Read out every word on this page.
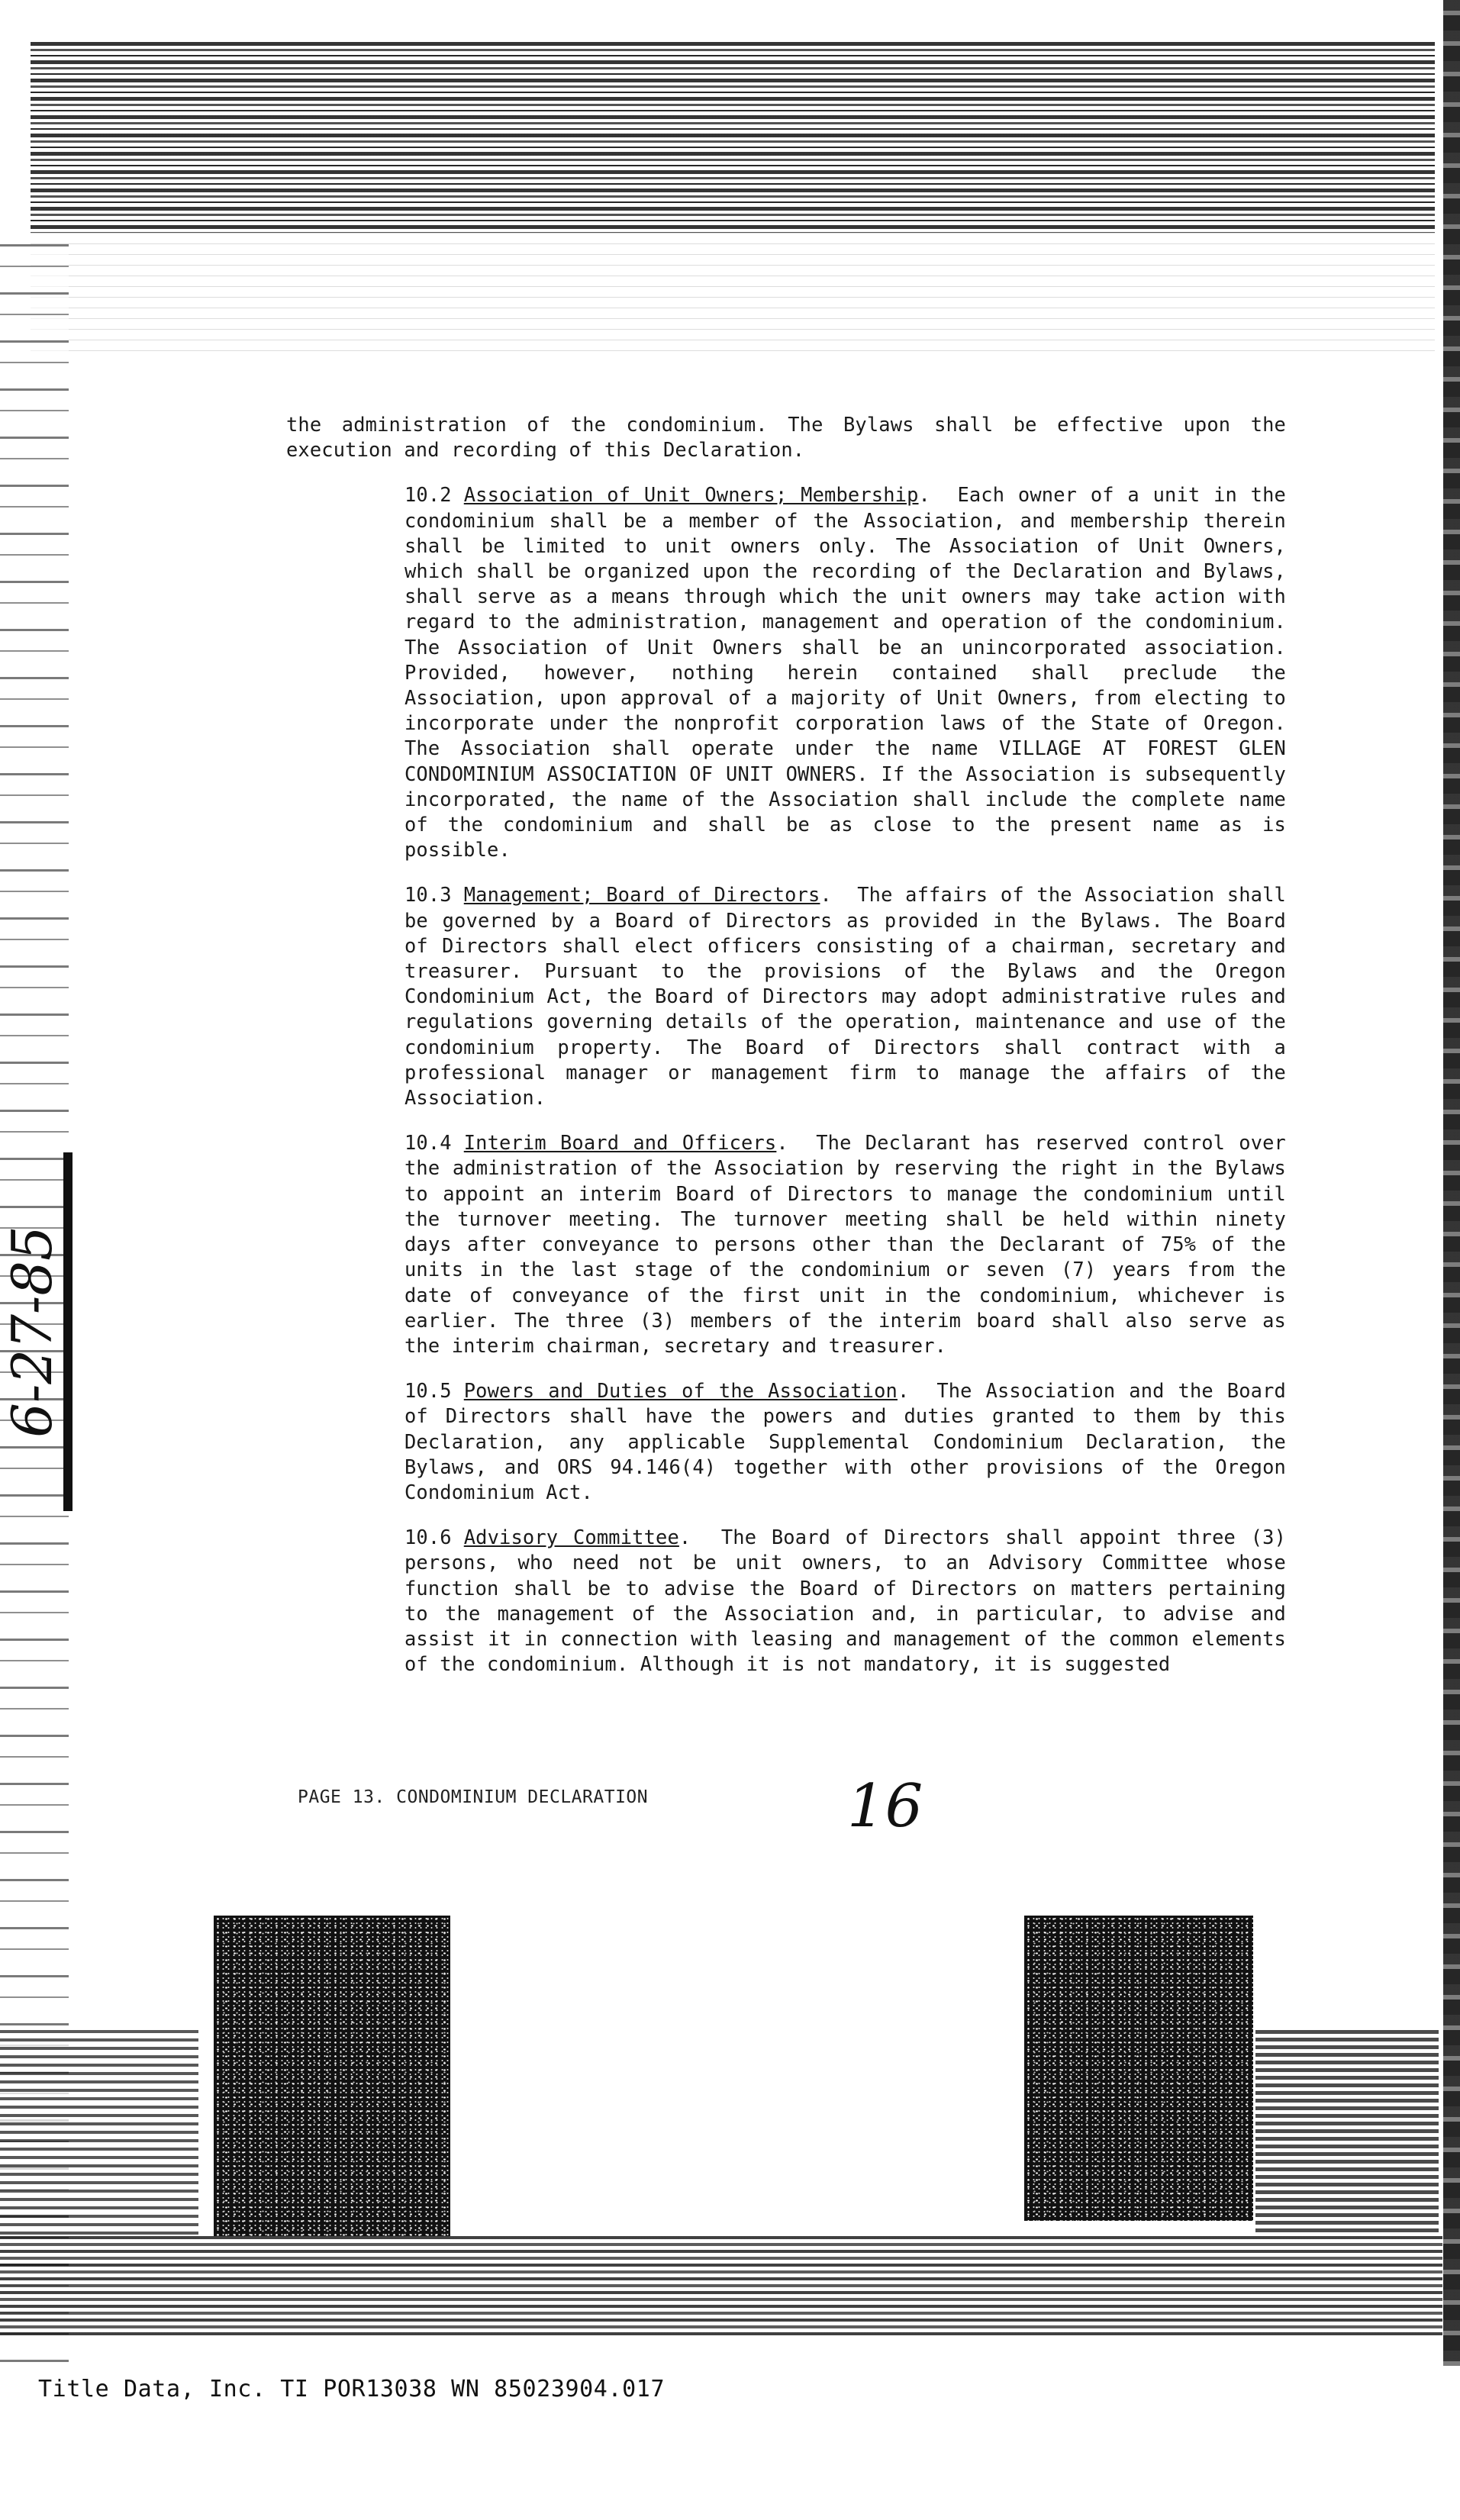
6-27-85

the administration of the condominium. The Bylaws shall be effective upon the execution and recording of this Declaration.

10.2 Association of Unit Owners; Membership.  Each owner of a unit in the condominium shall be a member of the Association, and membership therein shall be limited to unit owners only. The Association of Unit Owners, which shall be organized upon the recording of the Declaration and Bylaws, shall serve as a means through which the unit owners may take action with regard to the administration, management and operation of the condominium. The Association of Unit Owners shall be an unincorporated association. Provided, however, nothing herein contained shall preclude the Association, upon approval of a majority of Unit Owners, from electing to incorporate under the nonprofit corporation laws of the State of Oregon. The Association shall operate under the name VILLAGE AT FOREST GLEN CONDOMINIUM ASSOCIATION OF UNIT OWNERS. If the Association is subsequently incorporated, the name of the Association shall include the complete name of the condominium and shall be as close to the present name as is possible.

10.3 Management; Board of Directors.  The affairs of the Association shall be governed by a Board of Directors as provided in the Bylaws. The Board of Directors shall elect officers consisting of a chairman, secretary and treasurer. Pursuant to the provisions of the Bylaws and the Oregon Condominium Act, the Board of Directors may adopt administrative rules and regulations governing details of the operation, maintenance and use of the condominium property. The Board of Directors shall contract with a professional manager or management firm to manage the affairs of the Association.

10.4 Interim Board and Officers.  The Declarant has reserved control over the administration of the Association by reserving the right in the Bylaws to appoint an interim Board of Directors to manage the condominium until the turnover meeting. The turnover meeting shall be held within ninety days after conveyance to persons other than the Declarant of 75% of the units in the last stage of the condominium or seven (7) years from the date of conveyance of the first unit in the condominium, whichever is earlier. The three (3) members of the interim board shall also serve as the interim chairman, secretary and treasurer.

10.5 Powers and Duties of the Association.  The Association and the Board of Directors shall have the powers and duties granted to them by this Declaration, any applicable Supplemental Condominium Declaration, the Bylaws, and ORS 94.146(4) together with other provisions of the Oregon Condominium Act.

10.6 Advisory Committee.  The Board of Directors shall appoint three (3) persons, who need not be unit owners, to an Advisory Committee whose function shall be to advise the Board of Directors on matters pertaining to the management of the Association and, in particular, to advise and assist it in connection with leasing and management of the common elements of the condominium. Although it is not mandatory, it is suggested

PAGE 13. CONDOMINIUM DECLARATION	16
Title Data, Inc. TI POR13038 WN 85023904.017
